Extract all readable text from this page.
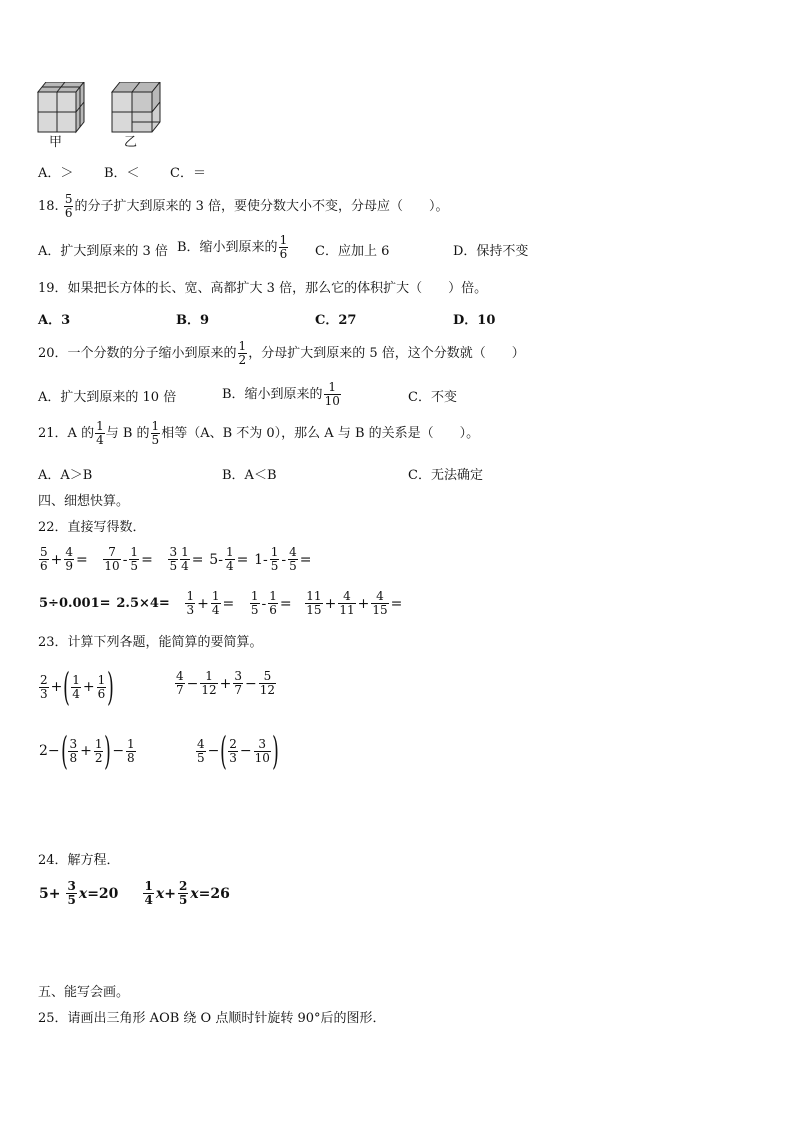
甲	乙
A．＞ B．＜ C．＝
18. $\frac{5}{6}$ 的分子扩大到原来的 3 倍，要使分数大小不变，分母应（　　）。
A．扩大到原来的 3 倍 B．缩小到原来的 $\frac{1}{6}$ C．应加上 6	D．保持不变
19．如果把长方体的长、宽、高都扩大 3 倍，那么它的体积扩大（　　）倍。
A．3	B．9	C．27	D．10
20．一个分数的分子缩小到原来的 $\frac{1}{2}$ ，分母扩大到原来的 5 倍，这个分数就（　　）
A．扩大到原来的 10 倍	B．缩小到原来的 $\frac{1}{10}$	C．不变
21．A 的 $\frac{1}{4}$ 与 B 的 $\frac{1}{5}$ 相等（A、B 不为 0），那么 A 与 B 的关系是（　　）。
A．A＞B	B．A＜B	C．无法确定
四、细想快算。
22．直接写得数．
$\frac{5}{6} + \frac{4}{9} = \frac{7}{10} - \frac{1}{5} = \frac{3}{5} \frac{1}{4} = 5- \frac{1}{4} = 1- \frac{1}{5} - \frac{4}{5}$ =
$5\div 0.001= 2.5\times 4= \frac{1}{3} + \frac{1}{4} = \frac{1}{5} - \frac{1}{6} = \frac{11}{15} + \frac{4}{11} + \frac{4}{15}$ =
23．计算下列各题，能简算的要简算。
$\frac{2}{3}$ +( $\frac{1}{4} + \frac{1}{6}$ )	$\frac{4}{7} - \frac{1}{12} + \frac{3}{7} - \frac{5}{12}$
$2-( \frac{3}{8} + \frac{1}{2}$ )− $\frac{1}{8}$	$\frac{4}{5}$ −( $\frac{2}{3} - \frac{3}{10}$ )
24．解方程．
$5+ \frac{3}{5} x=20 \frac{1}{4} x+ \frac{2}{5} x=26$
五、能写会画。
25．请画出三角形 AOB 绕 O 点顺时针旋转 90°后的图形．
